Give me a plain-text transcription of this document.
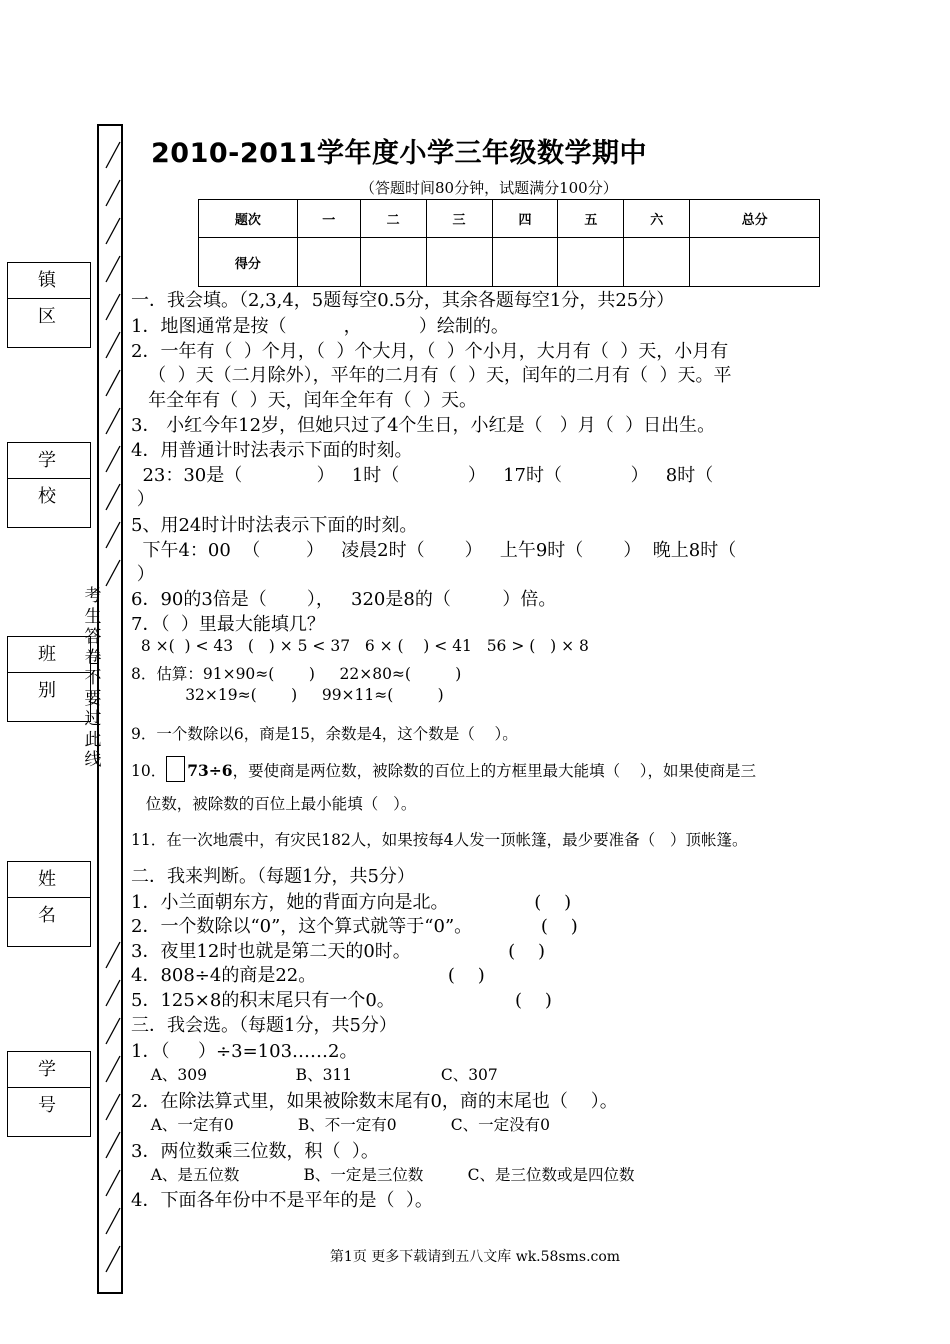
镇 区
学 校
班 别
姓 名
学 号
考生答卷不要过此线
2010-2011学年度小学三年级数学期中
（答题时间80分钟，试题满分100分）
题次	一	二	三	四	五	六	总分
得分							
一．我会填。（2,3,4，5题每空0.5分，其余各题每空1分，共25分）
1．地图通常是按（          ，          ）绘制的。
2．一年有（  ）个月，（  ）个大月，（  ）个小月，大月有（  ）天，小月有
（  ）天（二月除外），平年的二月有（  ）天，闰年的二月有（  ）天。平
年全年有（  ）天，闰年全年有（  ）天。
3． 小红今年12岁，但她只过了4个生日，小红是（   ）月（  ）日出生。
4．用普通计时法表示下面的时刻。
23：30是（             ）   1时（            ）   17时（            ）   8时（
）
5、用24时计时法表示下面的时刻。
下午4：00  （        ）   凌晨2时（       ）   上午9时（       ）  晚上8时（
）
6．90的3倍是（       ），   320是8的（         ）倍。
7．（  ）里最大能填几？
8 ×(  ) < 43   (   ) × 5 < 37   6 × (    ) < 41   56 > (   ) × 8
8．估算：91×90≈(       )     22×80≈(         )
32×19≈(       )     99×11≈(         )
9．一个数除以6，商是15，余数是4，这个数是（    ）。
10． 73÷6，要使商是两位数，被除数的百位上的方框里最大能填（    ），如果使商是三
位数，被除数的百位上最小能填（   ）。
11．在一次地震中，有灾民182人，如果按每4人发一顶帐篷，最少要准备（   ）顶帐篷。
二．我来判断。（每题1分，共5分）
1．小兰面朝东方，她的背面方向是北。               (    )
2．一个数除以“0”，这个算式就等于“0”。            (    )
3．夜里12时也就是第二天的0时。                 (    )
4．808÷4的商是22。                       (    )
5．125×8的积末尾只有一个0。                     (    )
三．我会选。（每题1分，共5分）
1．（     ）÷3=103……2。
A、309                  B、311                  C、307
2．在除法算式里，如果被除数末尾有0，商的末尾也（    ）。
A、一定有0             B、不一定有0           C、一定没有0
3．两位数乘三位数，积（  ）。
A、是五位数             B、一定是三位数         C、是三位数或是四位数
4．下面各年份中不是平年的是（  ）。
第1页 更多下载请到五八文库 wk.58sms.com
